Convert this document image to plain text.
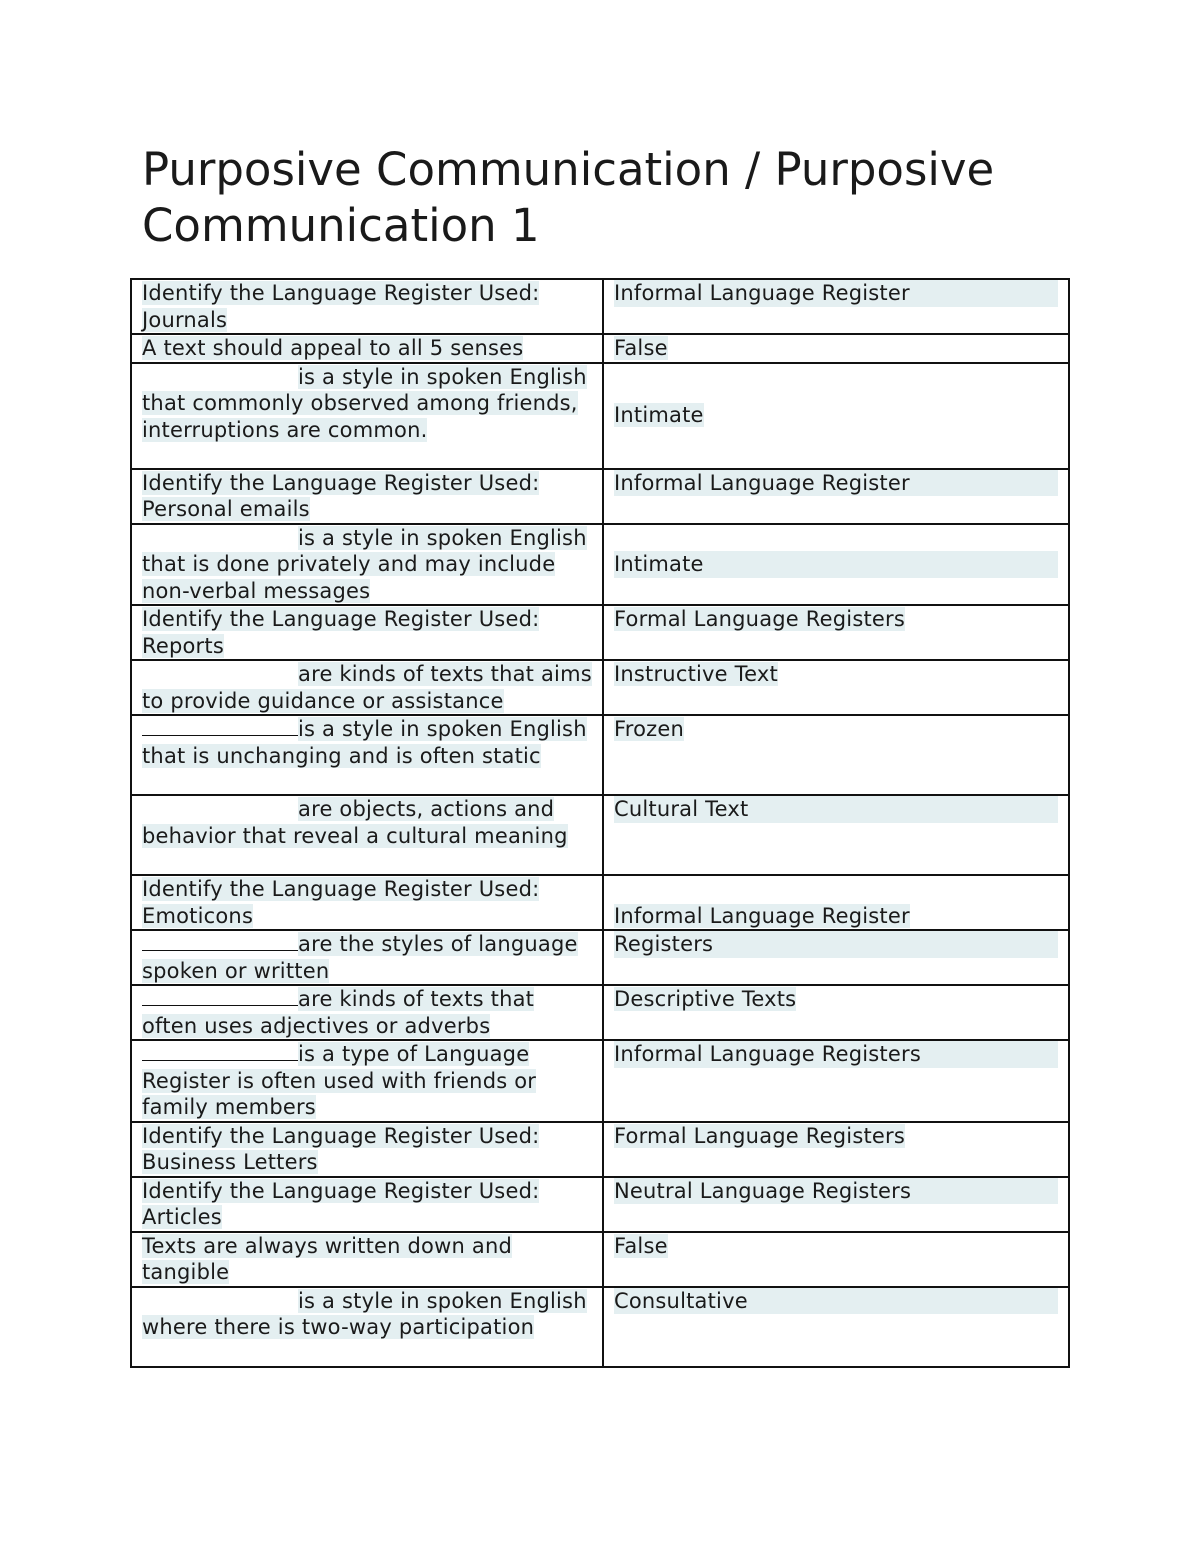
Purposive Communication / Purposive Communication 1
Identify the Language Register Used: Journals	Informal Language Register

A text should appeal to all 5 senses	False
is a style in spoken English that commonly observed among friends, interruptions are common.	Intimate
Identify the Language Register Used: Personal emails	Informal Language Register

is a style in spoken English that is done privately and may include non-verbal messages	Intimate

Identify the Language Register Used: Reports	Formal Language Registers
are kinds of texts that aims to provide guidance or assistance	Instructive Text
is a style in spoken English that is unchanging and is often static	Frozen
are objects, actions and behavior that reveal a cultural meaning	Cultural Text

Identify the Language Register Used: Emoticons	Informal Language Register
are the styles of language spoken or written	Registers

are kinds of texts that often uses adjectives or adverbs	Descriptive Texts
is a type of Language Register is often used with friends or family members	Informal Language Registers

Identify the Language Register Used: Business Letters	Formal Language Registers
Identify the Language Register Used: Articles	Neutral Language Registers

Texts are always written down and tangible	False
is a style in spoken English where there is two-way participation	Consultative
